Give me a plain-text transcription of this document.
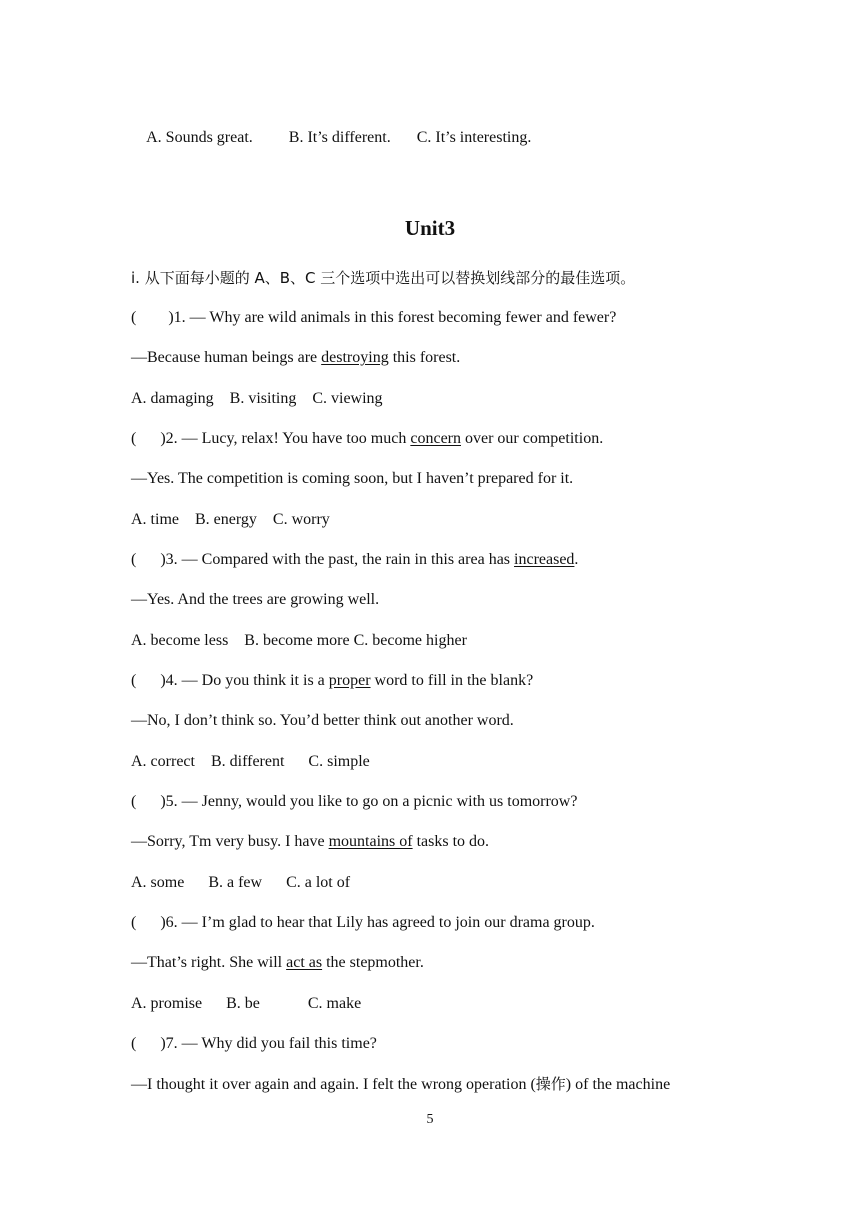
A. Sounds great. B. It’s different. C. It’s interesting.

Unit3
ⅰ. 从下面每小题的 A、B、C 三个选项中选出可以替换划线部分的最佳选项。
(        )1. — Why are wild animals in this forest becoming fewer and fewer?
—Because human beings are destroying this forest.
A. damaging    B. visiting    C. viewing
(      )2. — Lucy, relax! You have too much concern over our competition.
—Yes. The competition is coming soon, but I haven’t prepared for it.
A. time    B. energy    C. worry
(      )3. — Compared with the past, the rain in this area has increased.
—Yes. And the trees are growing well.
A. become less    B. become more C. become higher
(      )4. — Do you think it is a proper word to fill in the blank?
—No, I don’t think so. You’d better think out another word.
A. correct    B. different      C. simple
(      )5. — Jenny, would you like to go on a picnic with us tomorrow?
—Sorry, Tm very busy. I have mountains of tasks to do.
A. some      B. a few      C. a lot of
(      )6. — I’m glad to hear that Lily has agreed to join our drama group.
—That’s right. She will act as the stepmother.
A. promise      B. be            C. make
(      )7. — Why did you fail this time?
—I thought it over again and again. I felt the wrong operation (操作) of the machine
5
